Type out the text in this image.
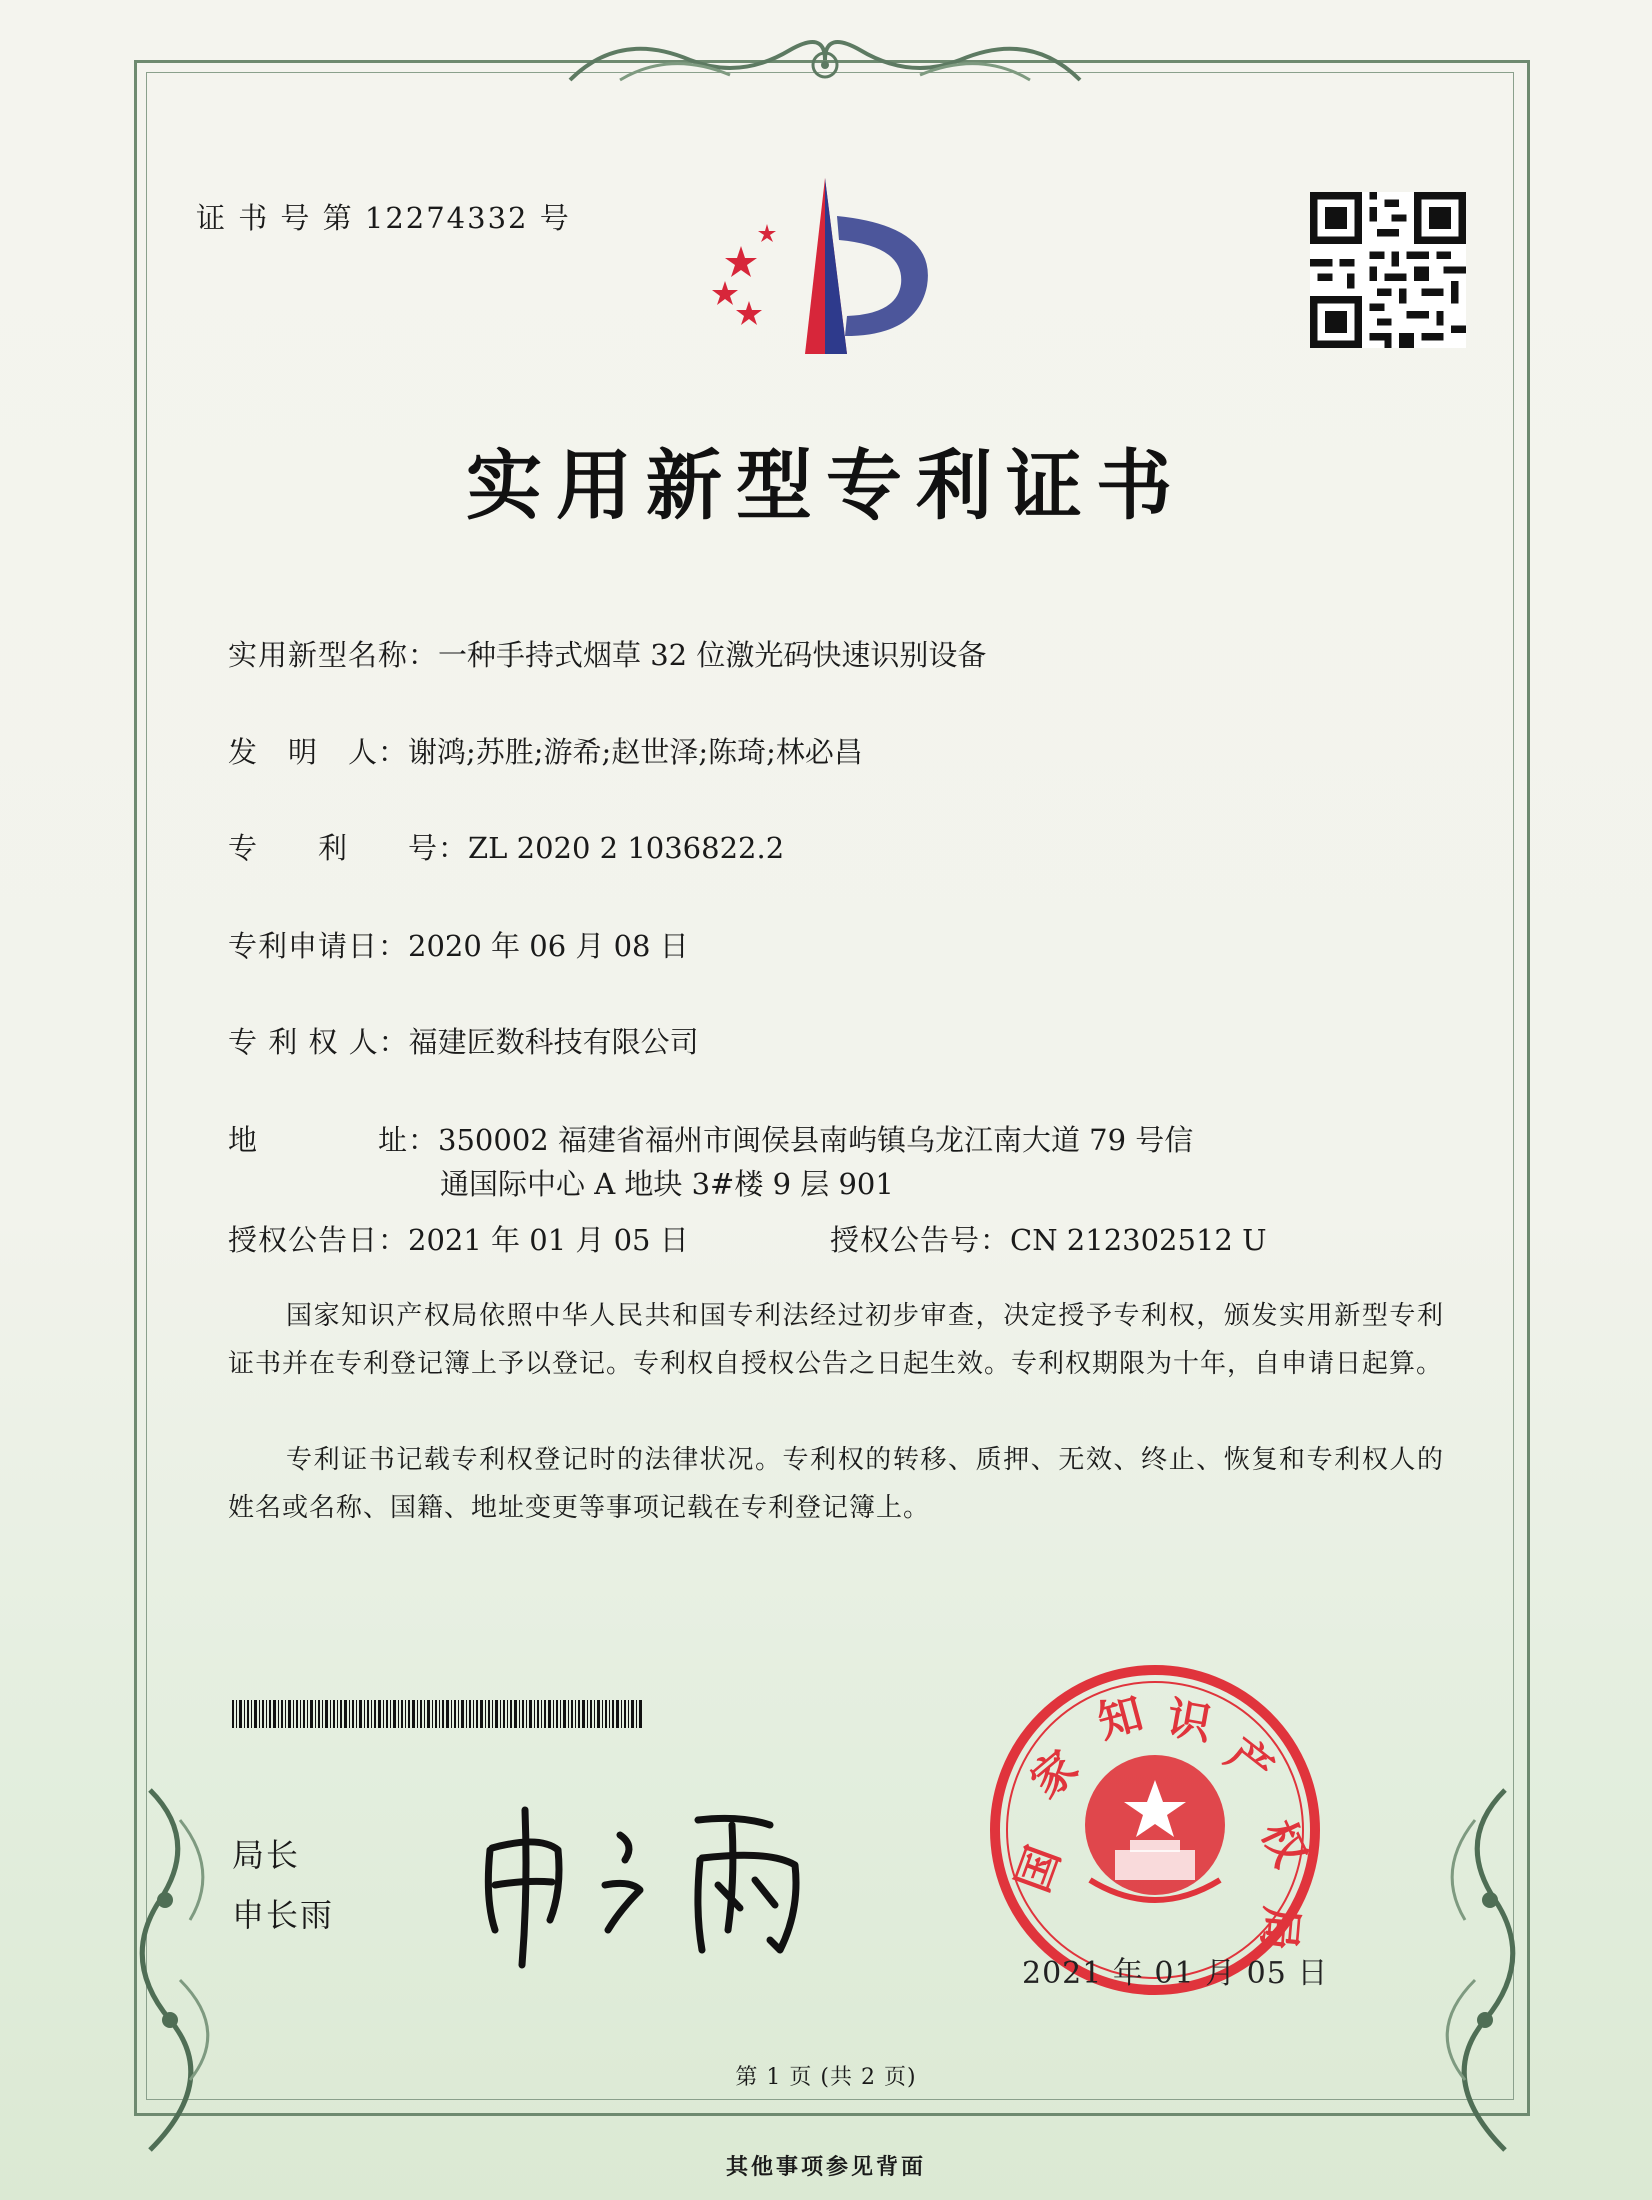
证 书 号 第 12274332 号
实用新型专利证书
实用新型名称：一种手持式烟草 32 位激光码快速识别设备
发　明　人：谢鸿;苏胜;游希;赵世泽;陈琦;林必昌
专　　利　　号：ZL 2020 2 1036822.2
专利申请日：2020 年 06 月 08 日
专 利 权 人：福建匠数科技有限公司
地　　　　址：350002 福建省福州市闽侯县南屿镇乌龙江南大道 79 号信
通国际中心 A 地块 3#楼 9 层 901
授权公告日：2021 年 01 月 05 日	授权公告号：CN 212302512 U
国家知识产权局依照中华人民共和国专利法经过初步审查，决定授予专利权，颁发实用新型专利证书并在专利登记簿上予以登记。专利权自授权公告之日起生效。专利权期限为十年，自申请日起算。
专利证书记载专利权登记时的法律状况。专利权的转移、质押、无效、终止、恢复和专利权人的姓名或名称、国籍、地址变更等事项记载在专利登记簿上。
局长
申长雨
国
家
知 识
产
权
局
2021 年 01 月 05 日
第 1 页 (共 2 页)
其他事项参见背面
